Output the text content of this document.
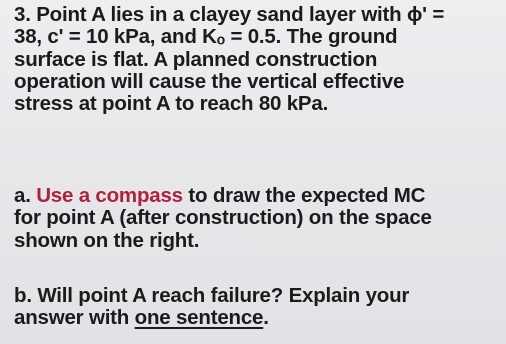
3. Point A lies in a clayey sand layer with ϕ' =
38, c' = 10 kPa, and Kₒ = 0.5. The ground
surface is flat. A planned construction
operation will cause the vertical effective
stress at point A to reach 80 kPa.
a. Use a compass to draw the expected MC
for point A (after construction) on the space
shown on the right.
b. Will point A reach failure? Explain your
answer with one sentence.
